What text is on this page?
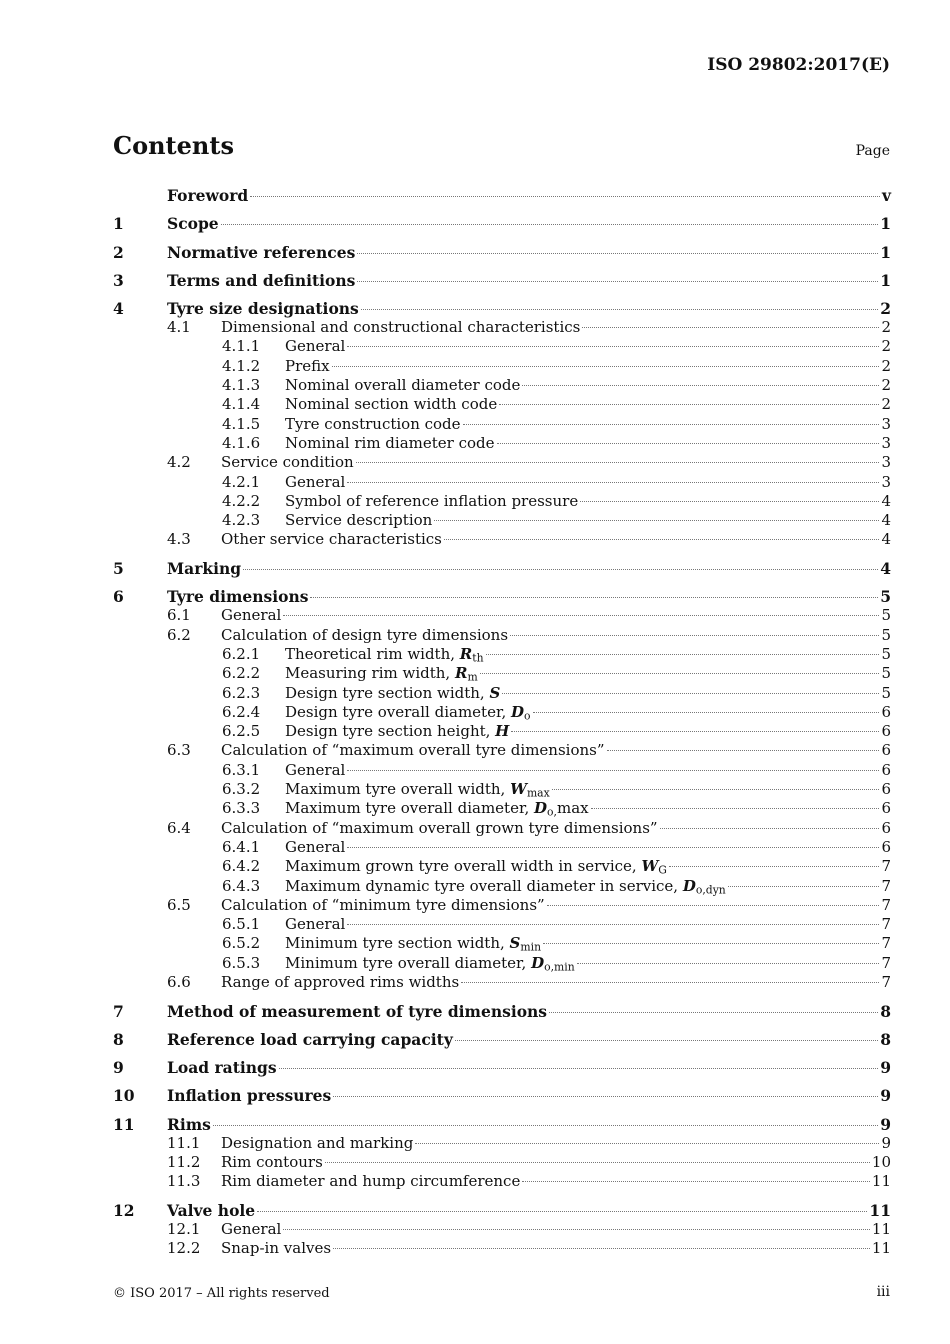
ISO 29802:2017(E)
Contents	Page
Foreword	v
1	Scope	1
2	Normative references	1
3	Terms and definitions	1
4	Tyre size designations	2
4.1	Dimensional and constructional characteristics	2
4.1.1	General	2
4.1.2	Prefix	2
4.1.3	Nominal overall diameter code	2
4.1.4	Nominal section width code	2
4.1.5	Tyre construction code	3
4.1.6	Nominal rim diameter code	3
4.2	Service condition	3
4.2.1	General	3
4.2.2	Symbol of reference inflation pressure	4
4.2.3	Service description	4
4.3	Other service characteristics	4
5	Marking	4
6	Tyre dimensions	5
6.1	General	5
6.2	Calculation of design tyre dimensions	5
6.2.1	Theoretical rim width, $R_{th}$	5
6.2.2	Measuring rim width, $R_m$	5
6.2.3	Design tyre section width, S	5
6.2.4	Design tyre overall diameter, $D_o$	6
6.2.5	Design tyre section height, H	6
6.3	Calculation of “maximum overall tyre dimensions”	6
6.3.1	General	6
6.3.2	Maximum tyre overall width, $W_{max}$	6
6.3.3	Maximum tyre overall diameter, $D_{o,}\max$	6
6.4	Calculation of “maximum overall grown tyre dimensions”	6
6.4.1	General	6
6.4.2	Maximum grown tyre overall width in service, $W_G$	7
6.4.3	Maximum dynamic tyre overall diameter in service, $D_{o,dyn}$	7
6.5	Calculation of “minimum tyre dimensions”	7
6.5.1	General	7
6.5.2	Minimum tyre section width, $S_{min}$	7
6.5.3	Minimum tyre overall diameter, $D_{o,min}$	7
6.6	Range of approved rims widths	7
7	Method of measurement of tyre dimensions	8
8	Reference load carrying capacity	8
9	Load ratings	9
10	Inflation pressures	9
11	Rims	9
11.1	Designation and marking	9
11.2	Rim contours	10
11.3	Rim diameter and hump circumference	11
12	Valve hole	11
12.1	General	11
12.2	Snap-in valves	11
© ISO 2017 – All rights reserved	iii
